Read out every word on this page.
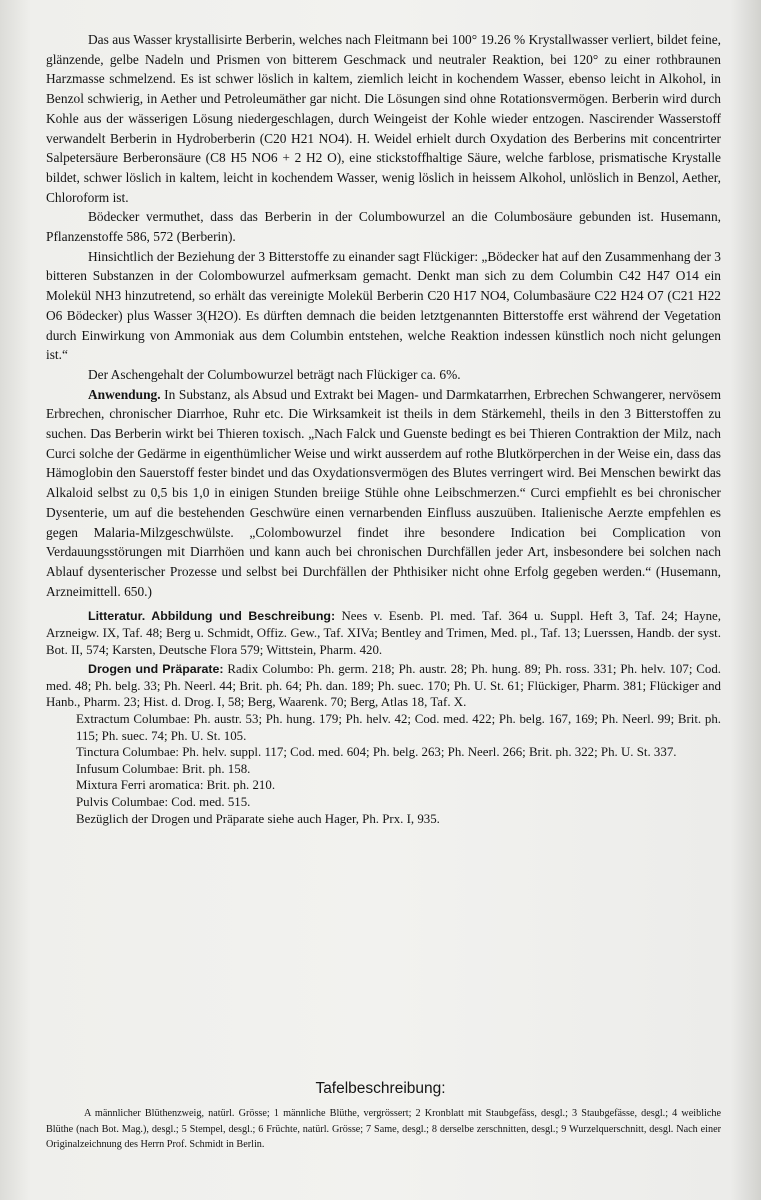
Das aus Wasser krystallisirte Berberin, welches nach Fleitmann bei 100° 19.26 % Krystallwasser verliert, bildet feine, glänzende, gelbe Nadeln und Prismen von bitterem Geschmack und neutraler Reaktion, bei 120° zu einer rothbraunen Harzmasse schmelzend. Es ist schwer löslich in kaltem, ziemlich leicht in kochendem Wasser, ebenso leicht in Alkohol, in Benzol schwierig, in Aether und Petroleumäther gar nicht. Die Lösungen sind ohne Rotationsvermögen. Berberin wird durch Kohle aus der wässerigen Lösung niedergeschlagen, durch Weingeist der Kohle wieder entzogen. Nascirender Wasserstoff verwandelt Berberin in Hydroberberin (C20 H21 NO4). H. Weidel erhielt durch Oxydation des Berberins mit concentrirter Salpetersäure Berberonsäure (C8 H5 NO6 + 2 H2 O), eine stickstoffhaltige Säure, welche farblose, prismatische Krystalle bildet, schwer löslich in kaltem, leicht in kochendem Wasser, wenig löslich in heissem Alkohol, unlöslich in Benzol, Aether, Chloroform ist.

Bödecker vermuthet, dass das Berberin in der Columbowurzel an die Columbosäure gebunden ist. Husemann, Pflanzenstoffe 586, 572 (Berberin).

Hinsichtlich der Beziehung der 3 Bitterstoffe zu einander sagt Flückiger: „Bödecker hat auf den Zusammenhang der 3 bitteren Substanzen in der Colombowurzel aufmerksam gemacht. Denkt man sich zu dem Columbin C42 H47 O14 ein Molekül NH3 hinzutretend, so erhält das vereinigte Molekül Berberin C20 H17 NO4, Columbasäure C22 H24 O7 (C21 H22 O6 Bödecker) plus Wasser 3(H2O). Es dürften demnach die beiden letztgenannten Bitterstoffe erst während der Vegetation durch Einwirkung von Ammoniak aus dem Columbin entstehen, welche Reaktion indessen künstlich noch nicht gelungen ist.“

Der Aschengehalt der Columbowurzel beträgt nach Flückiger ca. 6%.

Anwendung. In Substanz, als Absud und Extrakt bei Magen- und Darmkatarrhen, Erbrechen Schwangerer, nervösem Erbrechen, chronischer Diarrhoe, Ruhr etc. Die Wirksamkeit ist theils in dem Stärkemehl, theils in den 3 Bitterstoffen zu suchen. Das Berberin wirkt bei Thieren toxisch. „Nach Falck und Guenste bedingt es bei Thieren Contraktion der Milz, nach Curci solche der Gedärme in eigenthümlicher Weise und wirkt ausserdem auf rothe Blutkörperchen in der Weise ein, dass das Hämoglobin den Sauerstoff fester bindet und das Oxydationsvermögen des Blutes verringert wird. Bei Menschen bewirkt das Alkaloid selbst zu 0,5 bis 1,0 in einigen Stunden breiige Stühle ohne Leibschmerzen.“ Curci empfiehlt es bei chronischer Dysenterie, um auf die bestehenden Geschwüre einen vernarbenden Einfluss auszuüben. Italienische Aerzte empfehlen es gegen Malaria-Milzgeschwülste. „Colombowurzel findet ihre besondere Indication bei Complication von Verdauungsstörungen mit Diarrhöen und kann auch bei chronischen Durchfällen jeder Art, insbesondere bei solchen nach Ablauf dysenterischer Prozesse und selbst bei Durchfällen der Phthisiker nicht ohne Erfolg gegeben werden.“ (Husemann, Arzneimittell. 650.)

Litteratur. Abbildung und Beschreibung: Nees v. Esenb. Pl. med. Taf. 364 u. Suppl. Heft 3, Taf. 24; Hayne, Arzneigw. IX, Taf. 48; Berg u. Schmidt, Offiz. Gew., Taf. XIVa; Bentley and Trimen, Med. pl., Taf. 13; Luerssen, Handb. der syst. Bot. II, 574; Karsten, Deutsche Flora 579; Wittstein, Pharm. 420.

Drogen und Präparate: Radix Columbo: Ph. germ. 218; Ph. austr. 28; Ph. hung. 89; Ph. ross. 331; Ph. helv. 107; Cod. med. 48; Ph. belg. 33; Ph. Neerl. 44; Brit. ph. 64; Ph. dan. 189; Ph. suec. 170; Ph. U. St. 61; Flückiger, Pharm. 381; Flückiger and Hanb., Pharm. 23; Hist. d. Drog. I, 58; Berg, Waarenk. 70; Berg, Atlas 18, Taf. X.

Extractum Columbae: Ph. austr. 53; Ph. hung. 179; Ph. helv. 42; Cod. med. 422; Ph. belg. 167, 169; Ph. Neerl. 99; Brit. ph. 115; Ph. suec. 74; Ph. U. St. 105.

Tinctura Columbae: Ph. helv. suppl. 117; Cod. med. 604; Ph. belg. 263; Ph. Neerl. 266; Brit. ph. 322; Ph. U. St. 337.

Infusum Columbae: Brit. ph. 158.

Mixtura Ferri aromatica: Brit. ph. 210.

Pulvis Columbae: Cod. med. 515.

Bezüglich der Drogen und Präparate siehe auch Hager, Ph. Prx. I, 935.

Tafelbeschreibung:
A männlicher Blüthenzweig, natürl. Grösse; 1 männliche Blüthe, vergrössert; 2 Kronblatt mit Staubgefäss, desgl.; 3 Staubgefässe, desgl.; 4 weibliche Blüthe (nach Bot. Mag.), desgl.; 5 Stempel, desgl.; 6 Früchte, natürl. Grösse; 7 Same, desgl.; 8 derselbe zerschnitten, desgl.; 9 Wurzelquerschnitt, desgl. Nach einer Originalzeichnung des Herrn Prof. Schmidt in Berlin.
